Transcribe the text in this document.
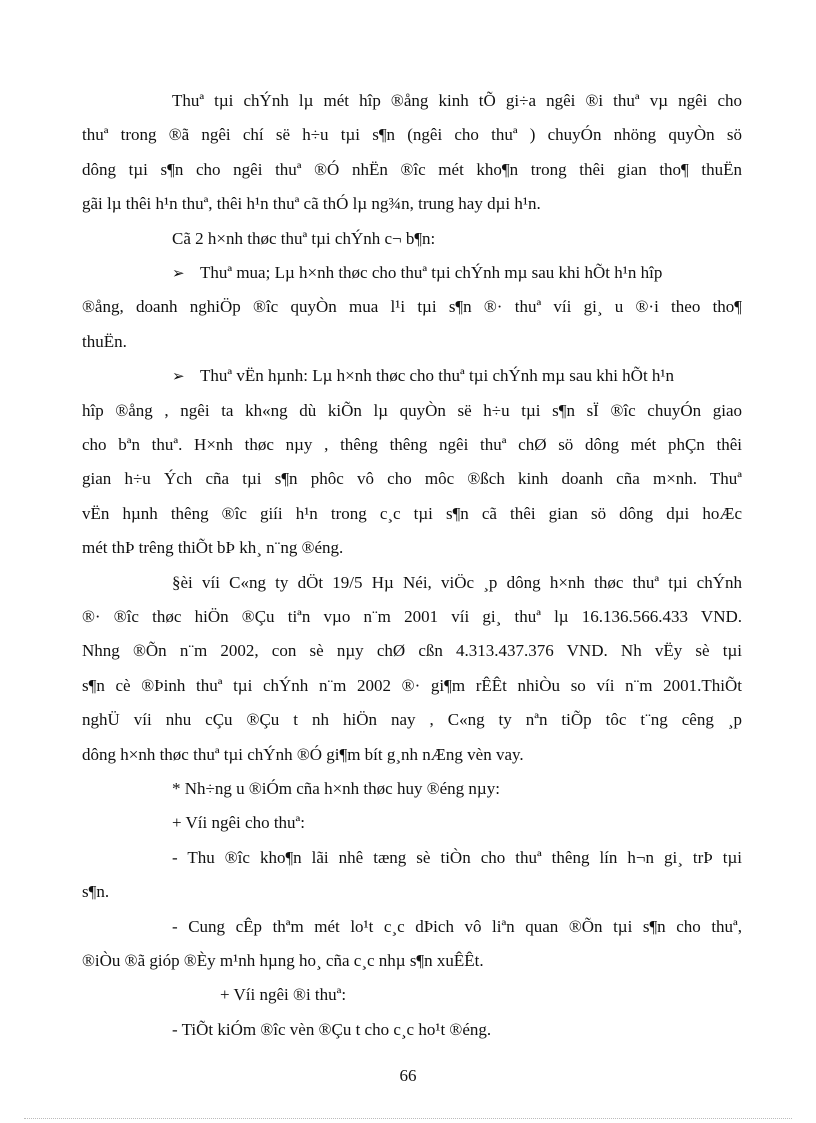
Thuª tµi chÝnh lµ mét hîp ®ång kinh tÕ gi÷a ngêi ®i thuª vµ ngêi cho
thuª trong ®ã ngêi chí së h÷u tµi s¶n (ngêi cho thuª ) chuyÓn nhöng quyÒn sö
dông tµi s¶n cho ngêi thuª ®Ó nhËn ®îc mét kho¶n trong thêi gian tho¶ thuËn
gãi lµ thêi h¹n thuª, thêi h¹n thuª cã thÓ lµ ng¾n, trung hay dµi h¹n.
Cã 2 h×nh thøc thuª tµi chÝnh c¬ b¶n:
➢ Thuª mua; Lµ h×nh thøc cho thuª tµi chÝnh mµ sau khi hÕt h¹n hîp
®ång, doanh nghiÖp ®îc quyÒn mua l¹i tµi s¶n ®· thuª víi gi¸ u ®·i theo tho¶
thuËn.
➢ Thuª vËn hµnh: Lµ h×nh thøc cho thuª tµi chÝnh mµ sau khi hÕt h¹n
hîp ®ång , ngêi ta kh«ng dù kiÕn lµ quyÒn së h÷u tµi s¶n sÏ ®îc chuyÓn giao
cho bªn thuª. H×nh thøc nµy , thêng thêng ngêi thuª chØ sö dông mét phÇn thêi
gian h÷u Ých cña tµi s¶n phôc vô cho môc ®ßch kinh doanh cña m×nh. Thuª
vËn hµnh thêng ®îc giíi h¹n trong c¸c tµi s¶n cã thêi gian sö dông dµi hoÆc
mét thÞ trêng thiÕt bÞ kh¸ n¨ng ®éng.
§èi víi C«ng ty dÖt 19/5 Hµ Néi, viÖc ¸p dông h×nh thøc thuª tµi chÝnh
®· ®îc thøc hiÖn ®Çu tiªn vµo n¨m 2001 víi gi¸ thuª lµ 16.136.566.433 VND.
Nhng ®Õn n¨m 2002, con sè nµy chØ cßn 4.313.437.376 VND. Nh vËy sè tµi
s¶n cè ®Þinh thuª tµi chÝnh n¨m 2002 ®· gi¶m rÊÊt nhiÒu so víi n¨m 2001.ThiÕt
nghÜ víi nhu cÇu ®Çu t nh hiÖn nay , C«ng ty nªn tiÕp tôc t¨ng cêng ¸p
dông h×nh thøc thuª tµi chÝnh ®Ó gi¶m bít g¸nh nÆng vèn vay.
* Nh÷ng u ®iÓm cña h×nh thøc huy ®éng nµy:
+ Víi ngêi cho thuª:
- Thu ®îc kho¶n lãi nhê tæng sè tiÒn cho thuª thêng lín h¬n gi¸ trÞ tµi
s¶n.
- Cung cÊp thªm mét lo¹t c¸c dÞich vô liªn quan ®Õn tµi s¶n cho thuª,
®iÒu ®ã gióp ®Èy m¹nh hµng ho¸ cña c¸c nhµ s¶n xuÊÊt.
+ Víi ngêi ®i thuª:
- TiÕt kiÓm ®îc vèn ®Çu t cho c¸c ho¹t ®éng.
66
